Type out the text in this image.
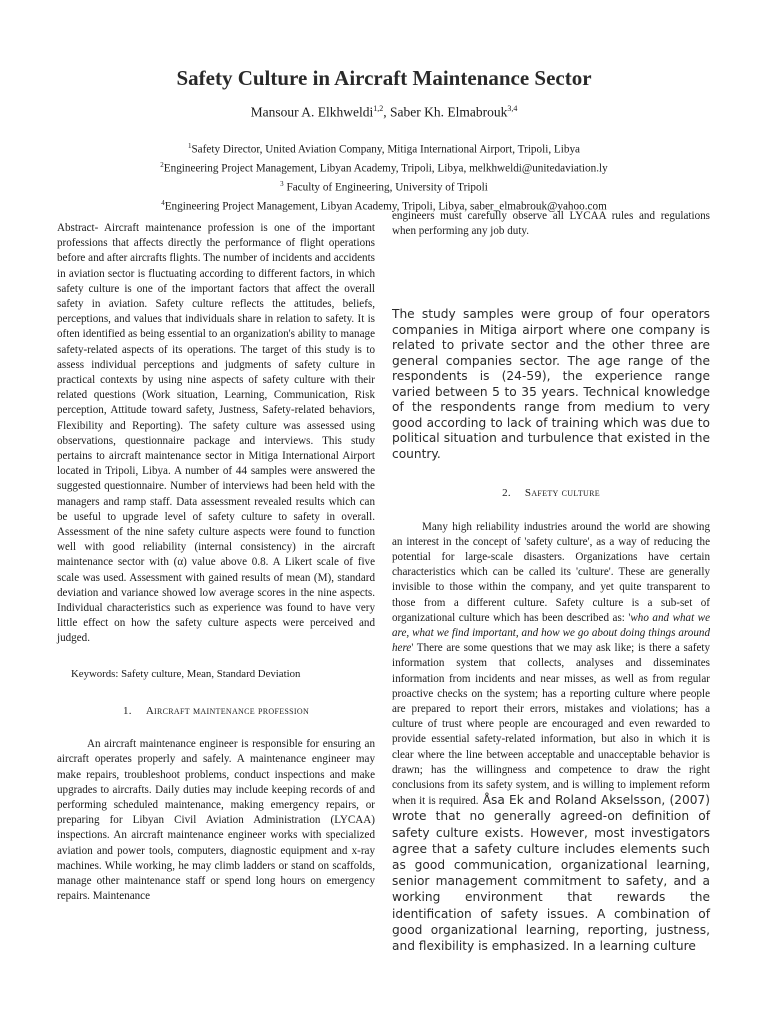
Safety Culture in Aircraft Maintenance Sector
Mansour A. Elkhweldi$^{1,2}$, Saber Kh. Elmabrouk$^{3,4}$
$^1$Safety Director, United Aviation Company, Mitiga International Airport, Tripoli, Libya
$^2$Engineering Project Management, Libyan Academy, Tripoli, Libya, melkhweldi@unitedaviation.ly
$^3$ Faculty of Engineering, University of Tripoli
$^4$Engineering Project Management, Libyan Academy, Tripoli, Libya, saber_elmabrouk@yahoo.com

Abstract- Aircraft maintenance profession is one of the important professions that affects directly the performance of flight operations before and after aircrafts flights. The number of incidents and accidents in aviation sector is fluctuating according to different factors, in which safety culture is one of the important factors that affect the overall safety in aviation. Safety culture reflects the attitudes, beliefs, perceptions, and values that individuals share in relation to safety. It is often identified as being essential to an organization's ability to manage safety-related aspects of its operations. The target of this study is to assess individual perceptions and judgments of safety culture in practical contexts by using nine aspects of safety culture with their related questions (Work situation, Learning, Communication, Risk perception, Attitude toward safety, Justness, Safety-related behaviors, Flexibility and Reporting). The safety culture was assessed using observations, questionnaire package and interviews. This study pertains to aircraft maintenance sector in Mitiga International Airport located in Tripoli, Libya. A number of 44 samples were answered the suggested questionnaire. Number of interviews had been held with the managers and ramp staff. Data assessment revealed results which can be useful to upgrade level of safety culture to safety in overall. Assessment of the nine safety culture aspects were found to function well with good reliability (internal consistency) in the aircraft maintenance sector with (α) value above 0.8. A Likert scale of five scale was used. Assessment with gained results of mean (M), standard deviation and variance showed low average scores in the nine aspects. Individual characteristics such as experience was found to have very little effect on how the safety culture aspects were perceived and judged.

Keywords: Safety culture, Mean, Standard Deviation

1. Aircraft maintenance profession

An aircraft maintenance engineer is responsible for ensuring an aircraft operates properly and safely. A maintenance engineer may make repairs, troubleshoot problems, conduct inspections and make upgrades to aircrafts. Daily duties may include keeping records of and performing scheduled maintenance, making emergency repairs, or preparing for Libyan Civil Aviation Administration (LYCAA) inspections. An aircraft maintenance engineer works with specialized aviation and power tools, computers, diagnostic equipment and x-ray machines. While working, he may climb ladders or stand on scaffolds, manage other maintenance staff or spend long hours on emergency repairs. Maintenance

engineers must carefully observe all LYCAA rules and regulations when performing any job duty.

The study samples were group of four operators companies in Mitiga airport where one company is related to private sector and the other three are general companies sector. The age range of the respondents is (24-59), the experience range varied between 5 to 35 years. Technical knowledge of the respondents range from medium to very good according to lack of training which was due to political situation and turbulence that existed in the country.

2. Safety culture

Many high reliability industries around the world are showing an interest in the concept of 'safety culture', as a way of reducing the potential for large-scale disasters. Organizations have certain characteristics which can be called its 'culture'. These are generally invisible to those within the company, and yet quite transparent to those from a different culture. Safety culture is a sub-set of organizational culture which has been described as: 'who and what we are, what we find important, and how we go about doing things around here' There are some questions that we may ask like; is there a safety information system that collects, analyses and disseminates information from incidents and near misses, as well as from regular proactive checks on the system; has a reporting culture where people are prepared to report their errors, mistakes and violations; has a culture of trust where people are encouraged and even rewarded to provide essential safety-related information, but also in which it is clear where the line between acceptable and unacceptable behavior is drawn; has the willingness and competence to draw the right conclusions from its safety system, and is willing to implement reform when it is required. Åsa Ek and Roland Akselsson, (2007) wrote that no generally agreed-on definition of safety culture exists. However, most investigators agree that a safety culture includes elements such as good communication, organizational learning, senior management commitment to safety, and a working environment that rewards the identification of safety issues. A combination of good organizational learning, reporting, justness, and flexibility is emphasized. In a learning culture
